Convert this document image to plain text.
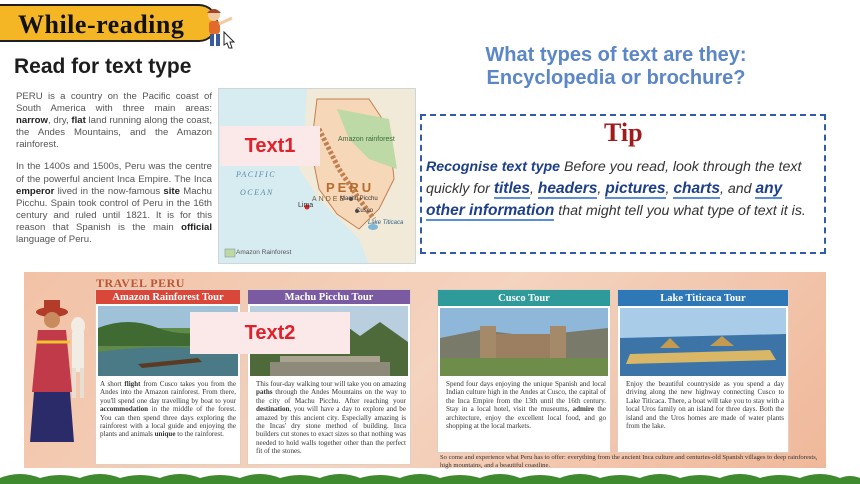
While-reading
Read for text type

PERU is a country on the Pacific coast of South America with three main areas: narrow, dry, flat land running along the coast, the Andes Mountains, and the Amazon rainforest.

In the 1400s and 1500s, Peru was the centre of the powerful ancient Inca Empire. The Inca emperor lived in the now-famous site Machu Picchu. Spain took control of Peru in the 16th century and ruled until 1821. It is for this reason that Spanish is the main official language of Peru.

PACIFIC
OCEAN	PERU
ANDES
Amazon rainforest
Lima
Machu Picchu
Cusco
Lake Titicaca
Amazon Rainforest
Text1
What types of text are they:
Encyclopedia or brochure?
Tip
Recognise text type Before you read, look through the text quickly for titles, headers, pictures, charts, and any other information that might tell you what type of text it is.
TRAVEL PERU
Amazon Rainforest Tour	Machu Picchu Tour	Cusco Tour	Lake Titicaca Tour
A short flight from Cusco takes you from the Andes into the Amazon rainforest. From there, you'll spend one day travelling by boat to your accommodation in the middle of the forest. You can then spend three days exploring the rainforest with a local guide and enjoying the plants and animals unique to the rainforest.
This four-day walking tour will take you on amazing paths through the Andes Mountains on the way to the city of Machu Picchu. After reaching your destination, you will have a day to explore and be amazed by this ancient city. Especially amazing is the Incas' dry stone method of building. Inca builders cut stones to exact sizes so that nothing was needed to hold walls together other than the perfect fit of the stones.
Spend four days enjoying the unique Spanish and local Indian culture high in the Andes at Cusco, the capital of the Inca Empire from the 13th until the 16th century. Stay in a local hotel, visit the museums, admire the architecture, enjoy the excellent local food, and go shopping at the local markets.
Enjoy the beautiful countryside as you spend a day driving along the new highway connecting Cusco to Lake Titicaca. There, a boat will take you to stay with a local Uros family on an island for three days. Both the island and the Uros homes are made of water plants from the lake.
So come and experience what Peru has to offer: everything from the ancient Inca culture and centuries-old Spanish villages to deep rainforests, high mountains, and a beautiful coastline.
Text2
